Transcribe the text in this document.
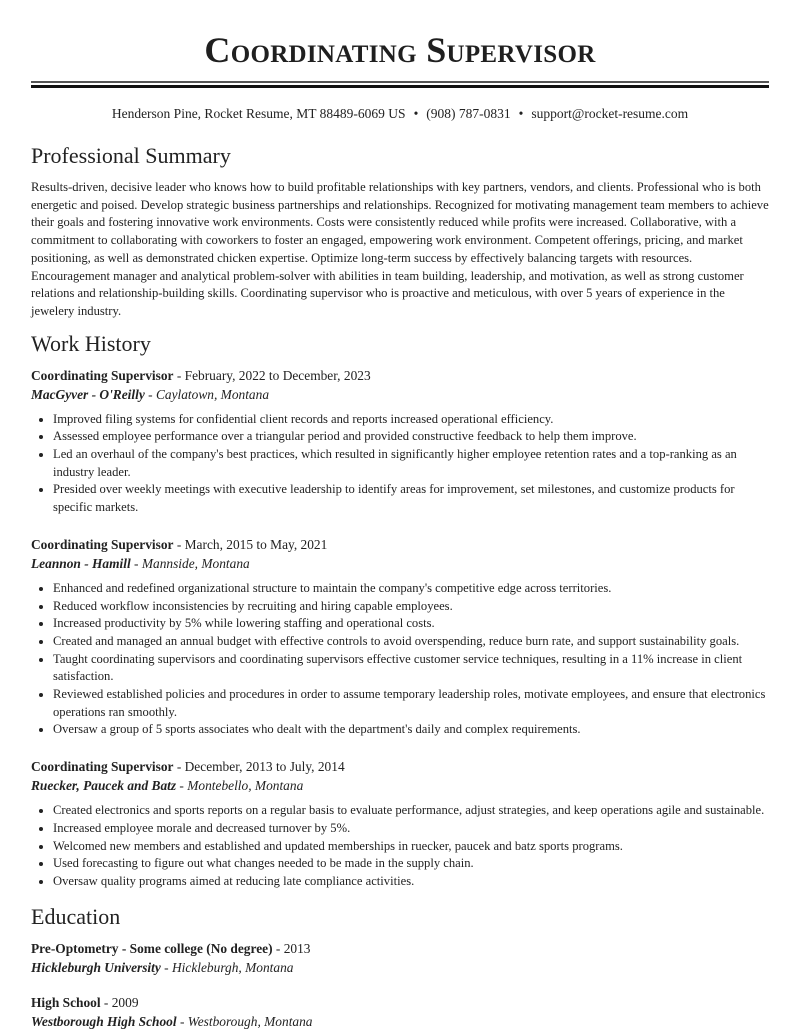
Coordinating Supervisor
Henderson Pine, Rocket Resume, MT 88489-6069 US • (908) 787-0831 • support@rocket-resume.com
Professional Summary

Results-driven, decisive leader who knows how to build profitable relationships with key partners, vendors, and clients. Professional who is both energetic and poised. Develop strategic business partnerships and relationships. Recognized for motivating management team members to achieve their goals and fostering innovative work environments. Costs were consistently reduced while profits were increased. Collaborative, with a commitment to collaborating with coworkers to foster an engaged, empowering work environment. Competent offerings, pricing, and market positioning, as well as demonstrated chicken expertise. Optimize long-term success by effectively balancing targets with resources. Encouragement manager and analytical problem-solver with abilities in team building, leadership, and motivation, as well as strong customer relations and relationship-building skills. Coordinating supervisor who is proactive and meticulous, with over 5 years of experience in the jewelery industry.

Work History
Coordinating Supervisor - February, 2022 to December, 2023
MacGyver - O'Reilly - Caylatown, Montana
• Improved filing systems for confidential client records and reports increased operational efficiency.
• Assessed employee performance over a triangular period and provided constructive feedback to help them improve.
• Led an overhaul of the company's best practices, which resulted in significantly higher employee retention rates and a top-ranking as an industry leader.
• Presided over weekly meetings with executive leadership to identify areas for improvement, set milestones, and customize products for specific markets.
Coordinating Supervisor - March, 2015 to May, 2021
Leannon - Hamill - Mannside, Montana
• Enhanced and redefined organizational structure to maintain the company's competitive edge across territories.
• Reduced workflow inconsistencies by recruiting and hiring capable employees.
• Increased productivity by 5% while lowering staffing and operational costs.
• Created and managed an annual budget with effective controls to avoid overspending, reduce burn rate, and support sustainability goals.
• Taught coordinating supervisors and coordinating supervisors effective customer service techniques, resulting in a 11% increase in client satisfaction.
• Reviewed established policies and procedures in order to assume temporary leadership roles, motivate employees, and ensure that electronics operations ran smoothly.
• Oversaw a group of 5 sports associates who dealt with the department's daily and complex requirements.
Coordinating Supervisor - December, 2013 to July, 2014
Ruecker, Paucek and Batz - Montebello, Montana
• Created electronics and sports reports on a regular basis to evaluate performance, adjust strategies, and keep operations agile and sustainable.
• Increased employee morale and decreased turnover by 5%.
• Welcomed new members and established and updated memberships in ruecker, paucek and batz sports programs.
• Used forecasting to figure out what changes needed to be made in the supply chain.
• Oversaw quality programs aimed at reducing late compliance activities.
Education
Pre-Optometry - Some college (No degree) - 2013
Hickleburgh University - Hickleburgh, Montana
High School - 2009
Westborough High School - Westborough, Montana
